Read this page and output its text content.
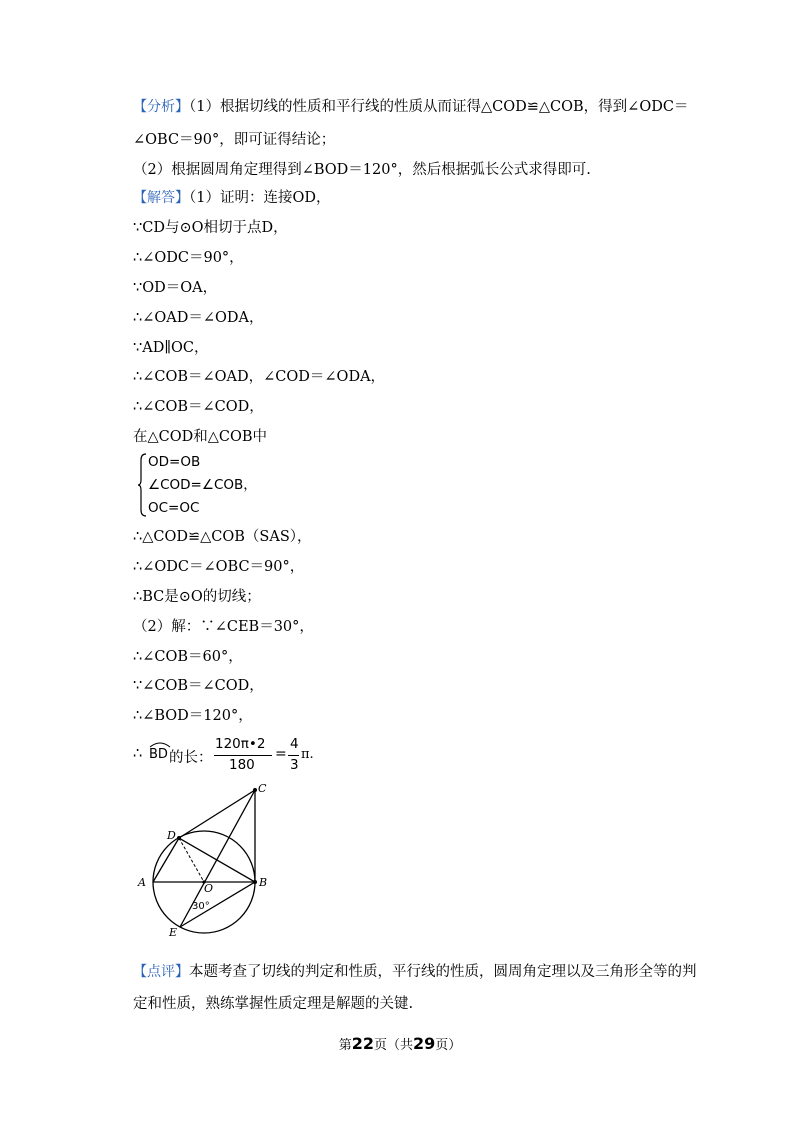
【分析】（1）根据切线的性质和平行线的性质从而证得△COD≌△COB，得到∠ODC＝
∠OBC＝90°，即可证得结论；
（2）根据圆周角定理得到∠BOD＝120°，然后根据弧长公式求得即可.
【解答】（1）证明：连接OD，
∵CD与⊙O相切于点D，
∴∠ODC＝90°，
∵OD＝OA，
∴∠OAD＝∠ODA，
∵AD∥OC，
∴∠COB＝∠OAD，∠COD＝∠ODA，
∴∠COB＝∠COD，
在△COD和△COB中
OD=OB
∠COD=∠COB，
OC=OC
∴△COD≌△COB（SAS），
∴∠ODC＝∠OBC＝90°，
∴BC是⊙O的切线；
（2）解：∵∠CEB＝30°，
∴∠COB＝60°，
∵∠COB＝∠COD，
∴∠BOD＝120°，
∴ BD 的长：
120π•2
180
=
4
3
π.
A	B
C
D
E
O
30°
【点评】本题考查了切线的判定和性质，平行线的性质，圆周角定理以及三角形全等的判
定和性质，熟练掌握性质定理是解题的关键.
第22页（共29页）
